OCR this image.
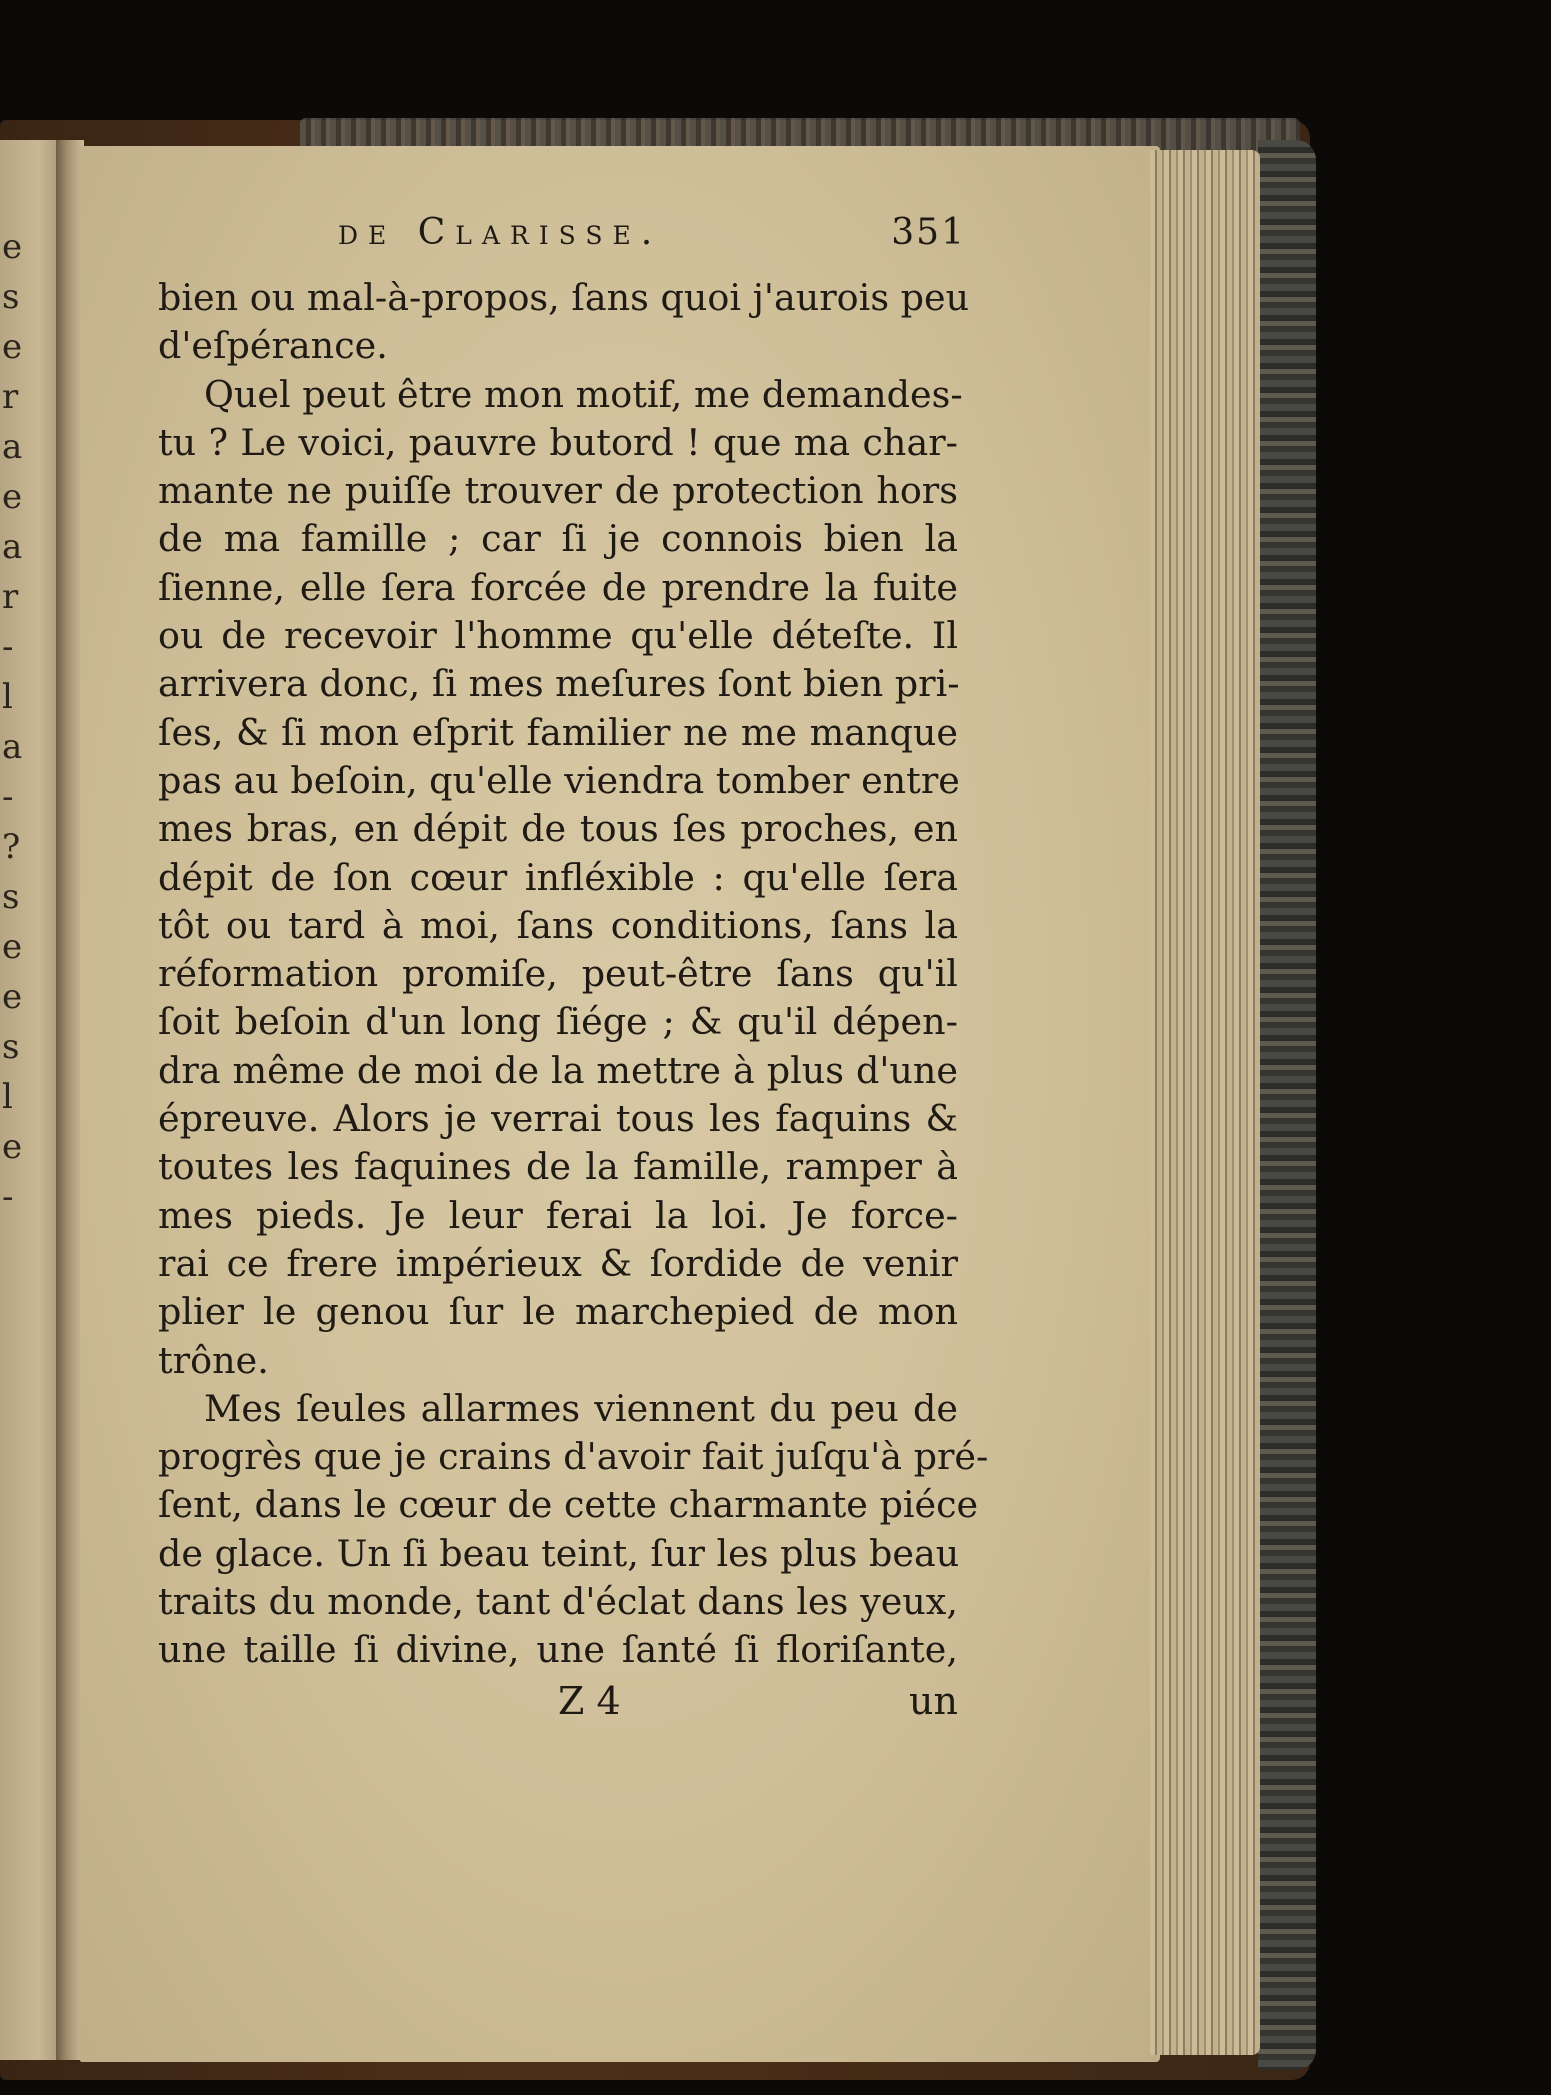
e
s
e
r
a
e
a
r
-
l
a
-
?
s
e
e
s
l
e
-
de Clarisse.	351
bien ou mal-à-propos, ſans quoi j'aurois peu
d'eſpérance.
Quel peut être mon motif, me demandes-
tu ? Le voici, pauvre butord ! que ma char-
mante ne puiſſe trouver de protection hors
de ma famille ; car ſi je connois bien la
ſienne, elle ſera forcée de prendre la fuite
ou de recevoir l'homme qu'elle déteſte. Il
arrivera donc, ſi mes meſures ſont bien pri-
ſes, & ſi mon eſprit familier ne me manque
pas au beſoin, qu'elle viendra tomber entre
mes bras, en dépit de tous ſes proches, en
dépit de ſon cœur infléxible : qu'elle ſera
tôt ou tard à moi, ſans conditions, ſans la
réformation promiſe, peut-être ſans qu'il
ſoit beſoin d'un long ſiége ; & qu'il dépen-
dra même de moi de la mettre à plus d'une
épreuve. Alors je verrai tous les faquins &
toutes les faquines de la famille, ramper à
mes pieds. Je leur ferai la loi. Je force-
rai ce frere impérieux & ſordide de venir
plier le genou ſur le marchepied de mon
trône.
Mes ſeules allarmes viennent du peu de
progrès que je crains d'avoir fait juſqu'à pré-
ſent, dans le cœur de cette charmante piéce
de glace. Un ſi beau teint, ſur les plus beau
traits du monde, tant d'éclat dans les yeux,
une taille ſi divine, une ſanté ſi floriſante,
Z 4	un
